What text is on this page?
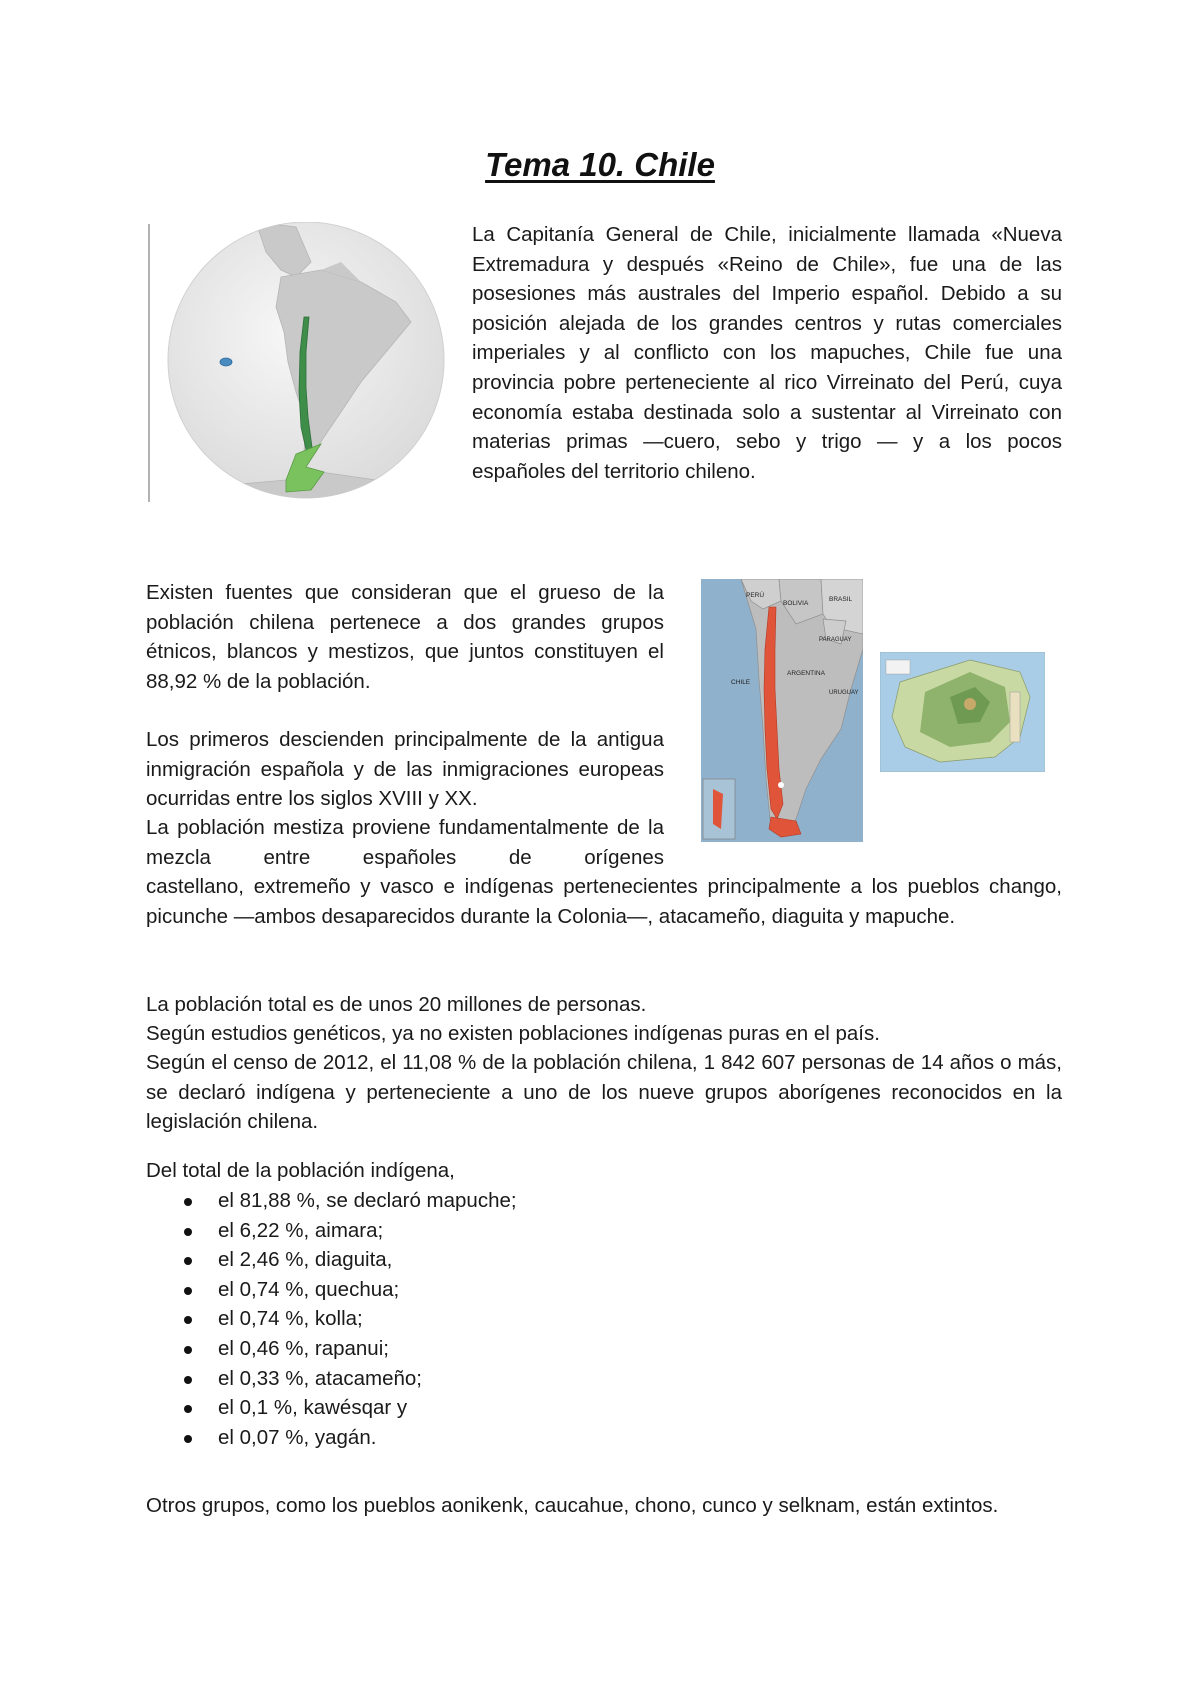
Tema 10. Chile

La Capitanía General de Chile, inicialmente llamada «Nueva Extremadura y después «Reino de Chile», fue una de las posesiones más australes del Imperio español. Debido a su posición alejada de los grandes centros y rutas comerciales imperiales y al conflicto con los mapuches, Chile fue una provincia pobre perteneciente al rico Virreinato del Perú, cuya economía estaba destinada solo a sustentar al Virreinato con materias primas —cuero, sebo y trigo — y a los pocos españoles del territorio chileno.

Existen fuentes que consideran que el grueso de la población chilena pertenece a dos grandes grupos étnicos, blancos y mestizos, que juntos constituyen el 88,92 % de la población.

Los primeros descienden principalmente de la antigua inmigración española y de las inmigraciones europeas ocurridas entre los siglos XVIII y XX.

La población mestiza proviene fundamentalmente de la mezcla entre españoles de orígenes

castellano, extremeño y vasco e indígenas pertenecientes principalmente a los pueblos chango, picunche —ambos desaparecidos durante la Colonia—, atacameño, diaguita y mapuche.

PERÚ
BOLIVIA
BRASIL
PARAGUAY
ARGENTINA
URUGUAY
CHILE

La población total es de unos 20 millones de personas.

Según estudios genéticos, ya no existen poblaciones indígenas puras en el país.

Según el censo de 2012, el 11,08 % de la población chilena, 1 842 607 personas de 14 años o más, se declaró indígena y perteneciente a uno de los nueve grupos aborígenes reconocidos en la legislación chilena.

Del total de la población indígena,

el 81,88 %, se declaró mapuche;
el 6,22 %, aimara;
el 2,46 %, diaguita,
el 0,74 %, quechua;
el 0,74 %, kolla;
el 0,46 %, rapanui;
el 0,33 %, atacameño;
el 0,1 %, kawésqar y
el 0,07 %, yagán.

Otros grupos, como los pueblos aonikenk, caucahue, chono, cunco y selknam, están extintos.
